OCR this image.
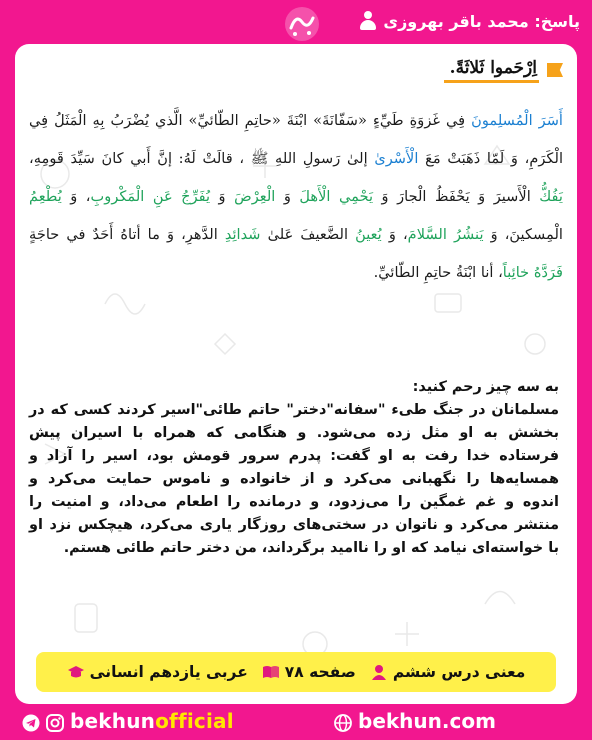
پاسخ: محمد باقر بهروزی
اِرْحَموا ثَلاثَةً.

أَسَرَ الْمُسلِمونَ فِي غَزوَةِ طَيِّءٍ «سَفّانَةَ» ابْنَةَ «حاتِمِ الطّائيِّ» الَّذي يُضْرَبُ بِهِ الْمَثَلُ فِي

الْكَرَمِ، وَ لَمّا ذَهَبَتْ مَعَ الْأَسْرىٰ إلىٰ رَسولِ اللهِ ﷺ ، قالَتْ لَهُ: إنَّ أَبي كانَ سَيِّدَ قَومِهِ،

يَفُكُّ الْأَسيرَ وَ يَحْفَظُ الْجارَ وَ يَحْمِي الْأَهلَ وَ الْعِرْضَ وَ يُفَرِّجُ عَنِ الْمَكْروبِ، وَ يُطْعِمُ

الْمِسكينَ، وَ يَنشُرُ السَّلامَ، وَ يُعينُ الضَّعيفَ عَلىٰ شَدائِدِ الدَّهرِ، وَ ما أتاهُ أَحَدٌ في حاجَةٍ

فَرَدَّهُ خائِباً، أنا ابْنَةُ حاتِمِ الطّائيِّ.

به سه چیز رحم کنید:

مسلمانان در جنگ طیء "سفانه"دختر" حاتم طائی"اسیر کردند کسی که در

بخشش به او مثل زده می‌شود. و هنگامی که همراه با اسیران پیش

فرستاده خدا رفت به او گفت: پدرم سرور قومش بود، اسیر را آزاد و

همسایه‌ها را نگهبانی می‌کرد و از خانواده و ناموس حمایت می‌کرد و

اندوه و غم غمگین را می‌زدود، و درمانده را اطعام می‌داد، و امنیت را

منتشر می‌کرد و ناتوان در سختی‌های روزگار یاری می‌کرد، هیچکس نزد او

با خواسته‌ای نیامد که او را ناامید برگرداند، من دختر حاتم طائی هستم.

عربی یازدهم انسانی صفحه ۷۸ معنی درس ششم
bekhunofficial	bekhun.com
